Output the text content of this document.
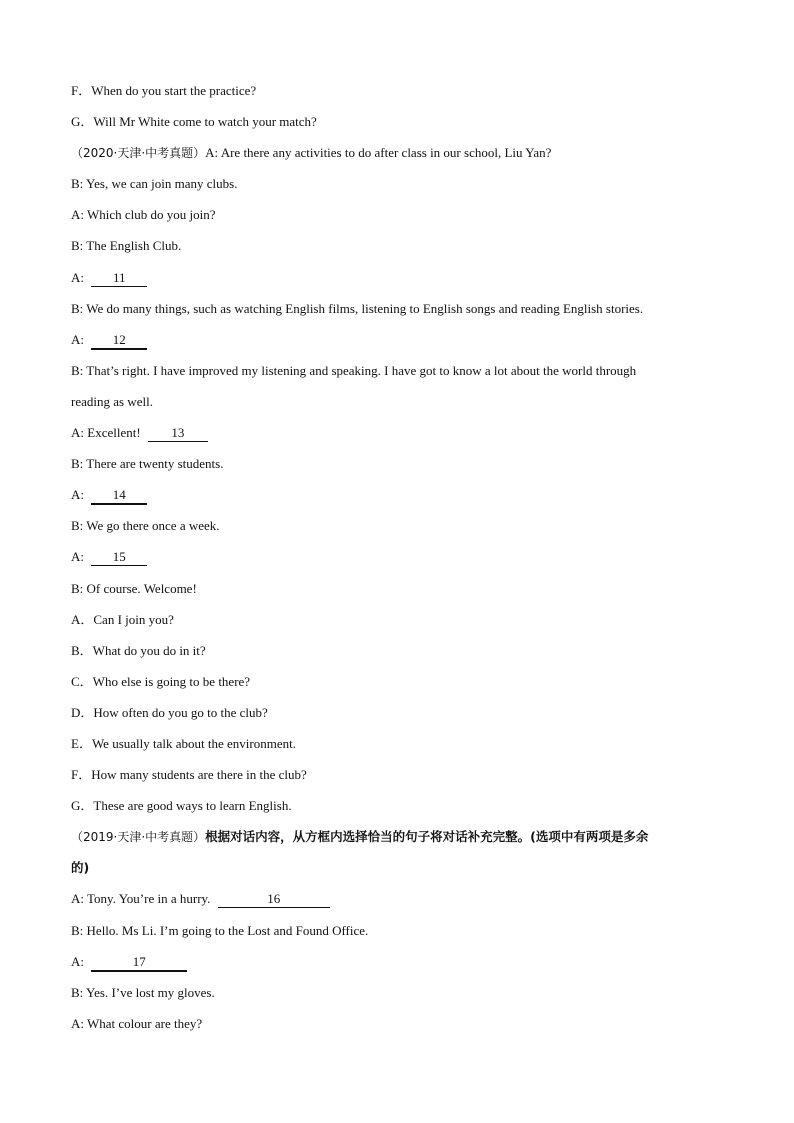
F．When do you start the practice?
G．Will Mr White come to watch your match?
（2020·天津·中考真题）A: Are there any activities to do after class in our school, Liu Yan?
B: Yes, we can join many clubs.
A: Which club do you join?
B: The English Club.
A: 11
B: We do many things, such as watching English films, listening to English songs and reading English stories.
A: 12
B: That’s right. I have improved my listening and speaking. I have got to know a lot about the world through
reading as well.
A: Excellent! 13
B: There are twenty students.
A: 14
B: We go there once a week.
A: 15
B: Of course. Welcome!
A．Can I join you?
B．What do you do in it?
C．Who else is going to be there?
D．How often do you go to the club?
E．We usually talk about the environment.
F．How many students are there in the club?
G．These are good ways to learn English.
（2019·天津·中考真题）根据对话内容，从方框内选择恰当的句子将对话补充完整。(选项中有两项是多余
的)
A: Tony. You’re in a hurry.	16
B: Hello. Ms Li. I’m going to the Lost and Found Office.
A:	17
B: Yes. I’ve lost my gloves.
A: What colour are they?
